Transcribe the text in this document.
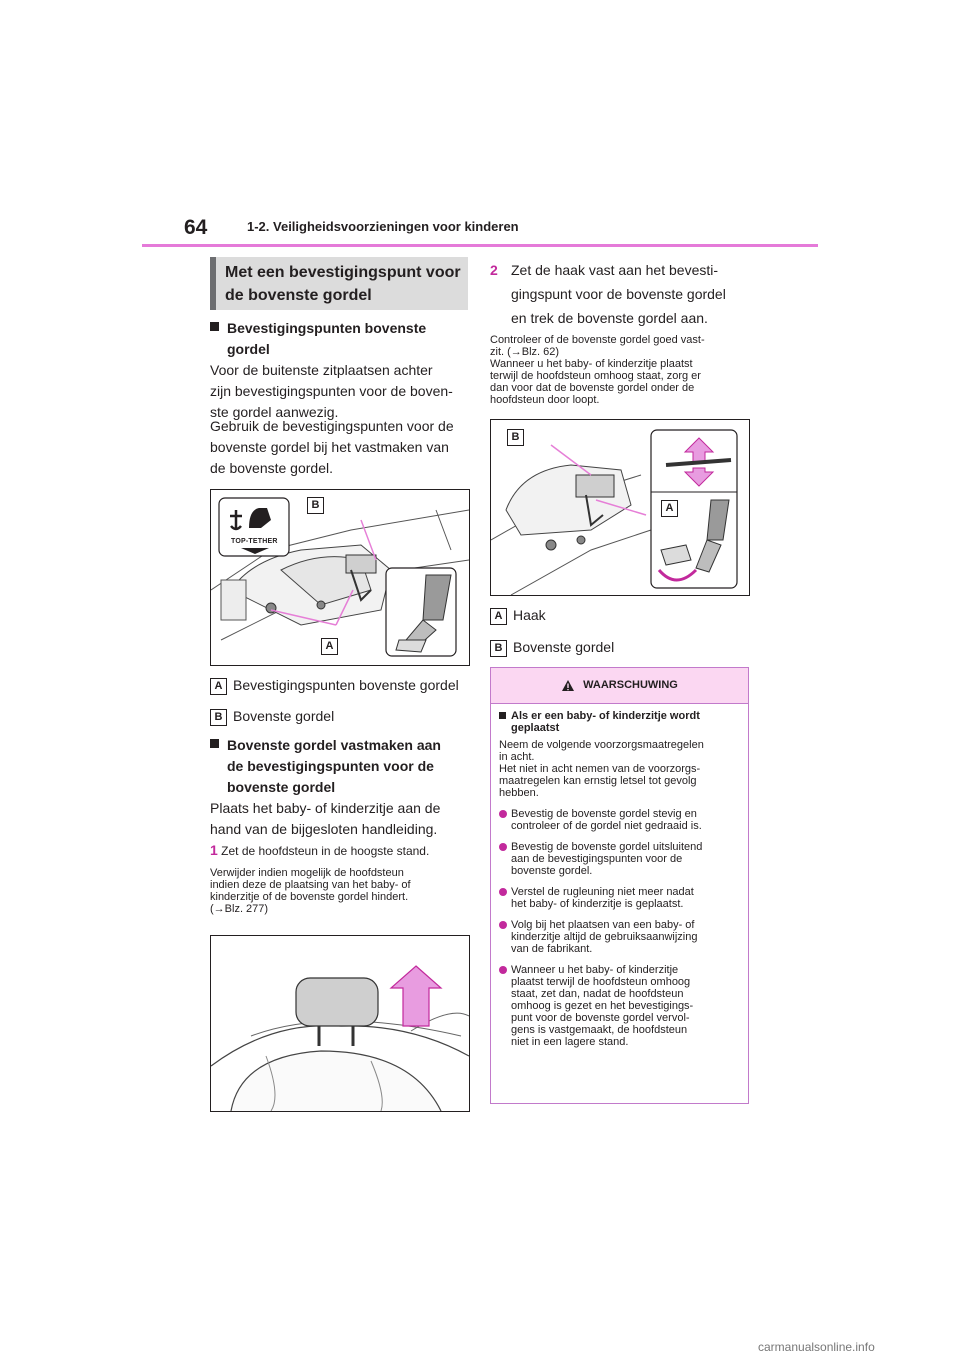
64	1-2. Veiligheidsvoorzieningen voor kinderen
Met een bevestigingspunt voor
de bovenste gordel
Bevestigingspunten bovenste
gordel
Voor de buitenste zitplaatsen achter
zijn bevestigingspunten voor de boven-
ste gordel aanwezig.
Gebruik de bevestigingspunten voor de
bovenste gordel bij het vastmaken van
de bovenste gordel.
TOP-TETHER
B
A
A Bevestigingspunten bovenste gordel
B Bovenste gordel
Bovenste gordel vastmaken aan
de bevestigingspunten voor de
bovenste gordel
Plaats het baby- of kinderzitje aan de
hand van de bijgesloten handleiding.
1 Zet de hoofdsteun in de hoogste stand.
Verwijder indien mogelijk de hoofdsteun
indien deze de plaatsing van het baby- of
kinderzitje of de bovenste gordel hindert.
(→Blz. 277)
2 Zet de haak vast aan het bevesti-
gingspunt voor de bovenste gordel
en trek de bovenste gordel aan.
Controleer of de bovenste gordel goed vast-
zit. (→Blz. 62)
Wanneer u het baby- of kinderzitje plaatst
terwijl de hoofdsteun omhoog staat, zorg er
dan voor dat de bovenste gordel onder de
hoofdsteun door loopt.
B
A
A Haak
B Bovenste gordel
WAARSCHUWING
Als er een baby- of kinderzitje wordt
geplaatst
Neem de volgende voorzorgsmaatregelen
in acht.
Het niet in acht nemen van de voorzorgs-
maatregelen kan ernstig letsel tot gevolg
hebben.
Bevestig de bovenste gordel stevig en
controleer of de gordel niet gedraaid is.
Bevestig de bovenste gordel uitsluitend
aan de bevestigingspunten voor de
bovenste gordel.
Verstel de rugleuning niet meer nadat
het baby- of kinderzitje is geplaatst.
Volg bij het plaatsen van een baby- of
kinderzitje altijd de gebruiksaanwijzing
van de fabrikant.
Wanneer u het baby- of kinderzitje
plaatst terwijl de hoofdsteun omhoog
staat, zet dan, nadat de hoofdsteun
omhoog is gezet en het bevestigings-
punt voor de bovenste gordel vervol-
gens is vastgemaakt, de hoofdsteun
niet in een lagere stand.
carmanualsonline.info
